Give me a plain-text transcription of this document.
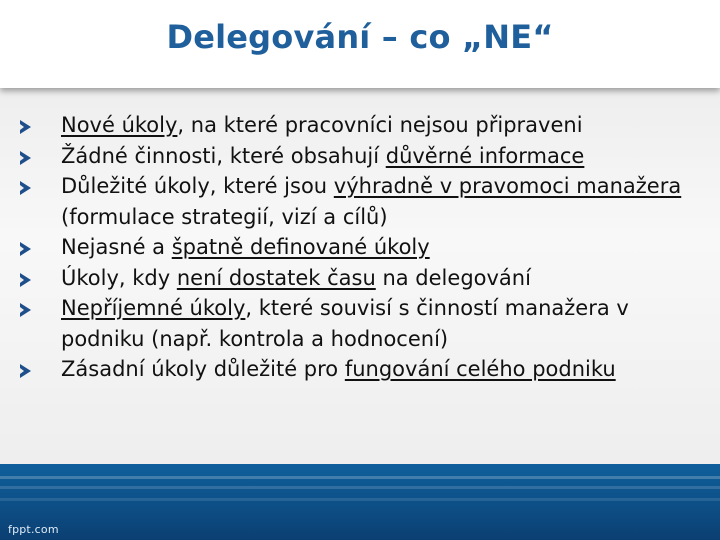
Delegování – co „NE“
Nové úkoly, na které pracovníci nejsou připraveni
Žádné činnosti, které obsahují důvěrné informace
Důležité úkoly, které jsou výhradně v pravomoci manažera (formulace strategií, vizí a cílů)
Nejasné a špatně definované úkoly
Úkoly, kdy není dostatek času na delegování
Nepříjemné úkoly, které souvisí s činností manažera v podniku (např. kontrola a hodnocení)
Zásadní úkoly důležité pro fungování celého podniku
fppt.com
